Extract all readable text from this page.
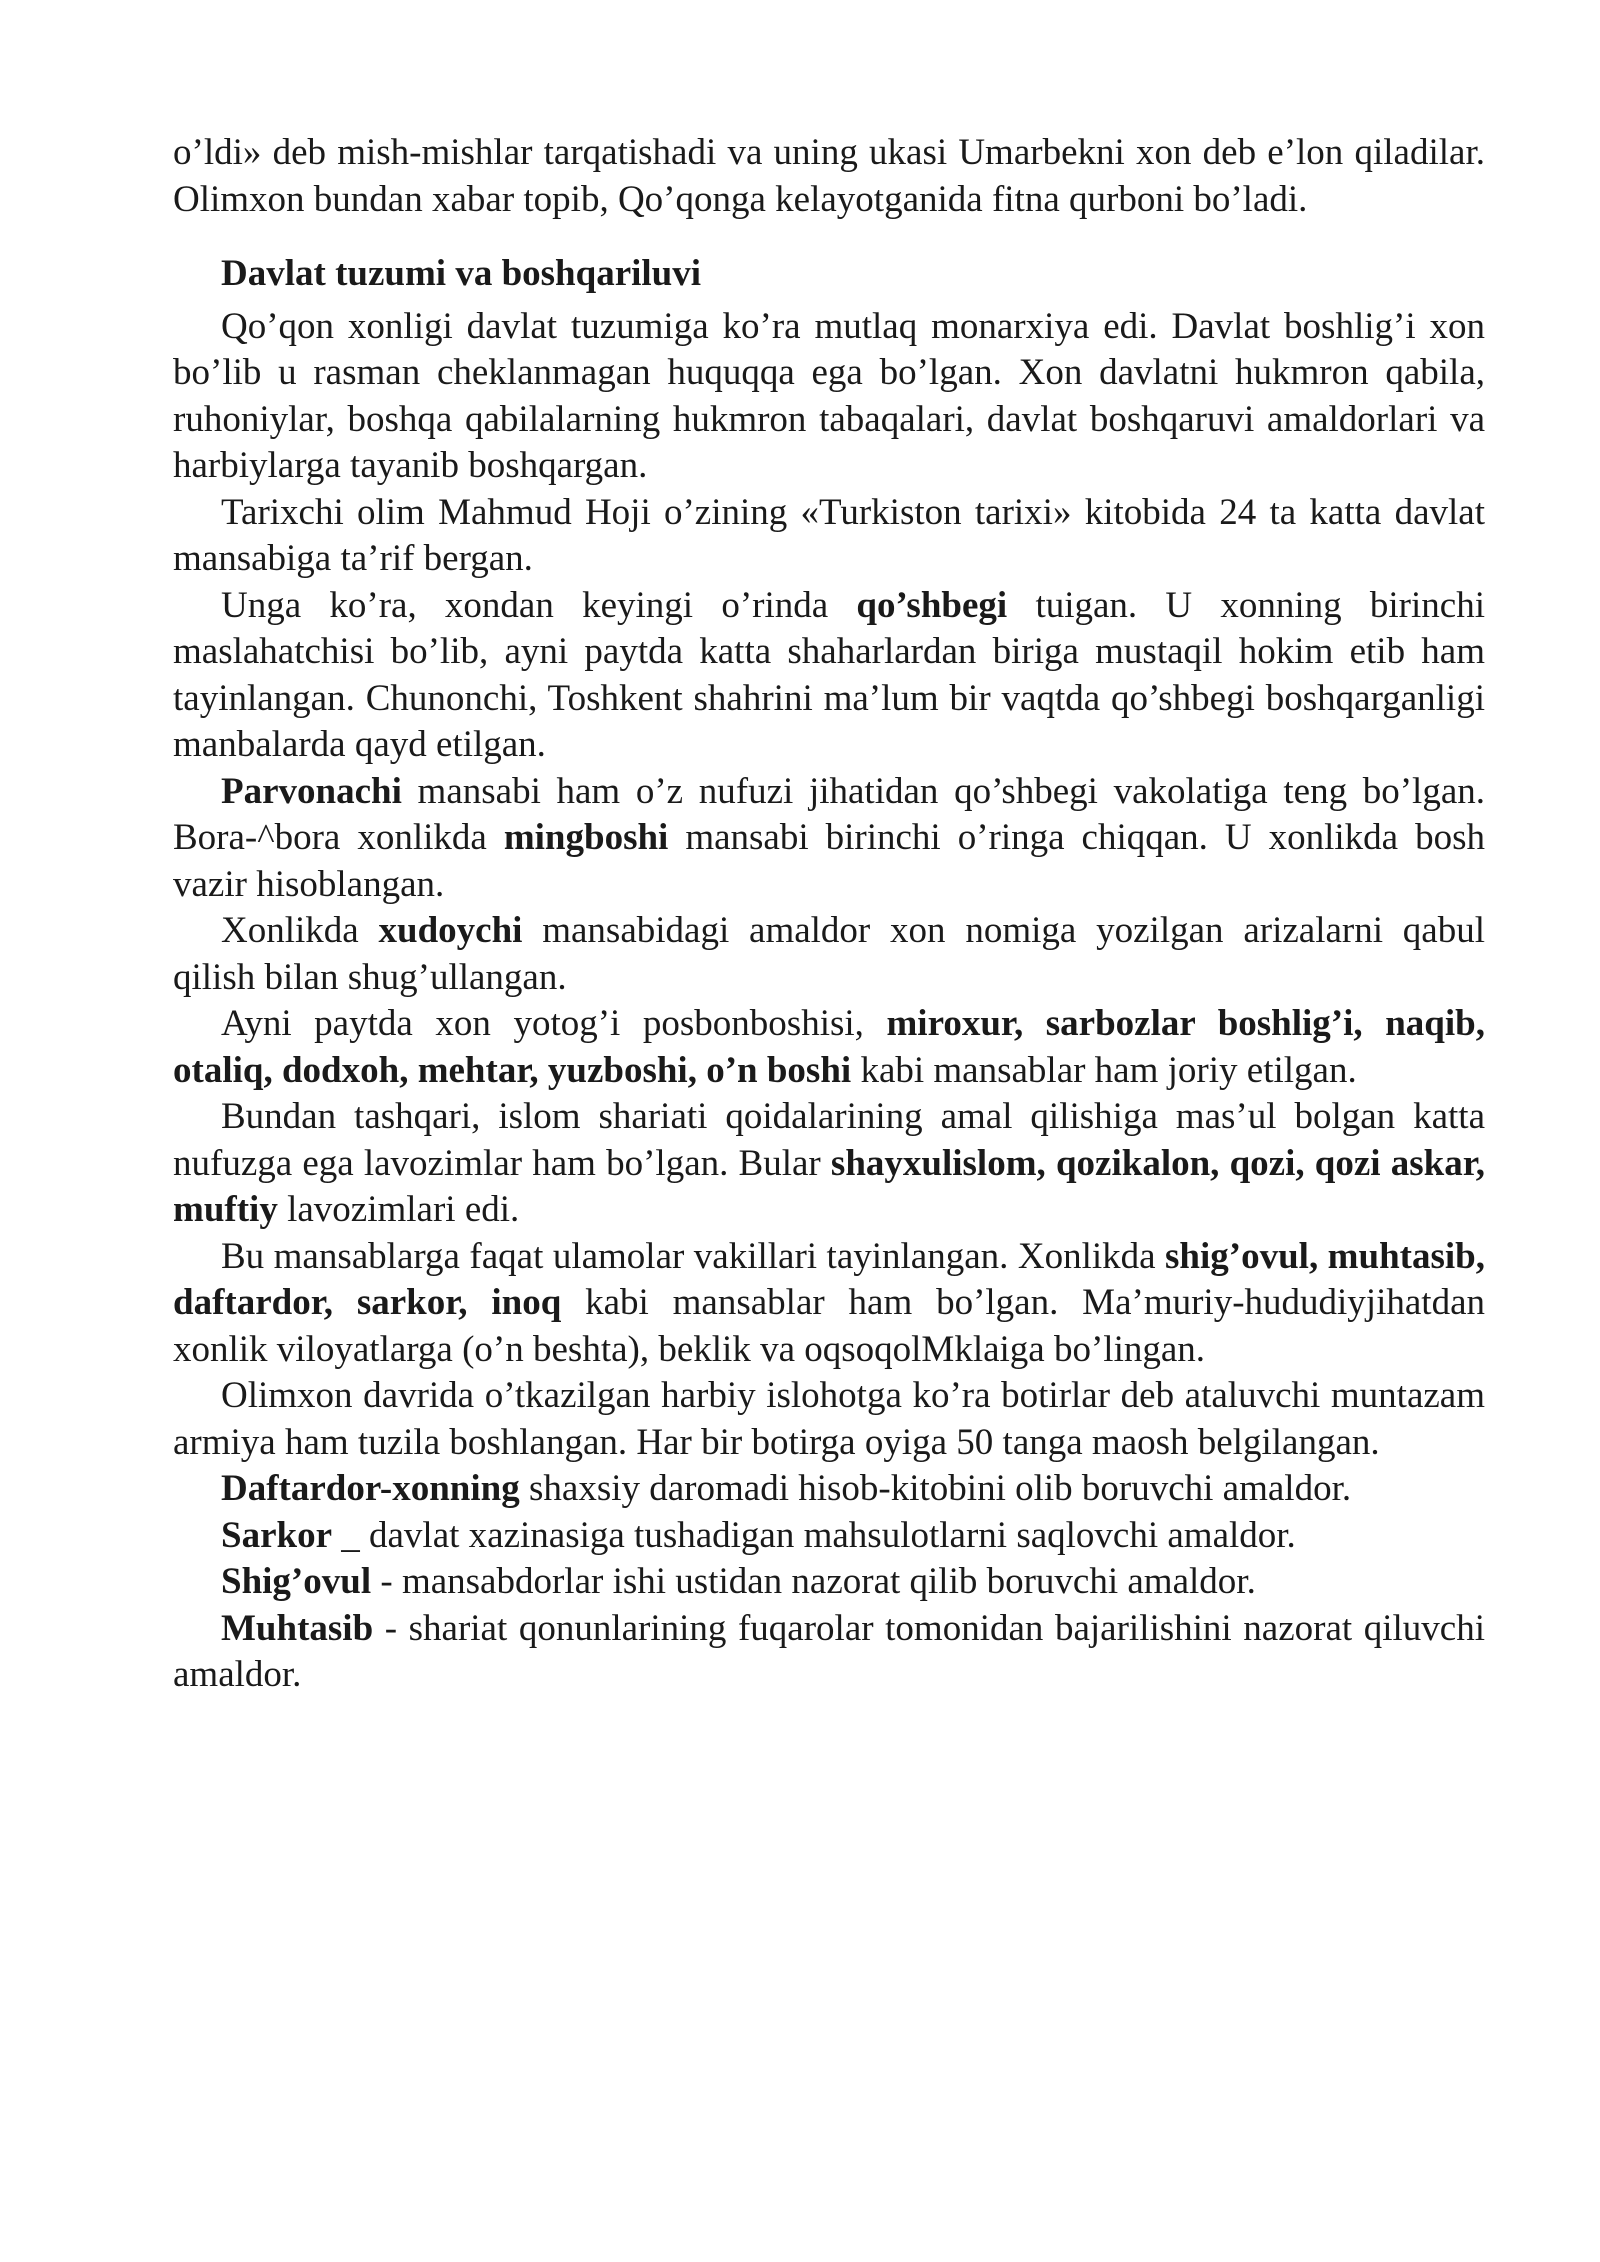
o’ldi» deb mish-mishlar tarqatishadi va uning ukasi Umarbekni xon deb e’lon qiladilar. Olimxon bundan xabar topib, Qo’qonga kelayotganida fitna qurboni bo’ladi.

Davlat tuzumi va boshqariluvi

Qo’qon xonligi davlat tuzumiga ko’ra mutlaq monarxiya edi. Davlat boshlig’i xon bo’lib u rasman cheklanmagan huquqqa ega bo’lgan. Xon davlatni hukmron qabila, ruhoniylar, boshqa qabilalarning hukmron tabaqalari, davlat boshqaruvi amaldorlari va harbiylarga tayanib boshqargan.

Tarixchi olim Mahmud Hoji o’zining «Turkiston tarixi» kitobida 24 ta katta davlat mansabiga ta’rif bergan.

Unga ko’ra, xondan keyingi o’rinda qo’shbegi tuigan. U xonning birinchi maslahatchisi bo’lib, ayni paytda katta shaharlardan biriga mustaqil hokim etib ham tayinlangan. Chunonchi, Toshkent shahrini ma’lum bir vaqtda qo’shbegi boshqarganligi manbalarda qayd etilgan.

Parvonachi mansabi ham o’z nufuzi jihatidan qo’shbegi vakolatiga teng bo’lgan. Bora-^bora xonlikda mingboshi mansabi birinchi o’ringa chiqqan. U xonlikda bosh vazir hisoblangan.

Xonlikda xudoychi mansabidagi amaldor xon nomiga yozilgan arizalarni qabul qilish bilan shug’ullangan.

Ayni paytda xon yotog’i posbonboshisi, miroxur, sarbozlar boshlig’i, naqib, otaliq, dodxoh, mehtar, yuzboshi, o’n boshi kabi mansablar ham joriy etilgan.

Bundan tashqari, islom shariati qoidalarining amal qilishiga mas’ul bolgan katta nufuzga ega lavozimlar ham bo’lgan. Bular shayxulislom, qozikalon, qozi, qozi askar, muftiy lavozimlari edi.

Bu mansablarga faqat ulamolar vakillari tayinlangan. Xonlikda shig’ovul, muhtasib, daftardor, sarkor, inoq kabi mansablar ham bo’lgan. Ma’muriy-hududiyjihatdan xonlik viloyatlarga (o’n beshta), beklik va oqsoqolMklaiga bo’lingan.

Olimxon davrida o’tkazilgan harbiy islohotga ko’ra botirlar deb ataluvchi muntazam armiya ham tuzila boshlangan. Har bir botirga oyiga 50 tanga maosh belgilangan.

Daftardor-xonning shaxsiy daromadi hisob-kitobini olib boruvchi amaldor.

Sarkor _ davlat xazinasiga tushadigan mahsulotlarni saqlovchi amaldor.

Shig’ovul - mansabdorlar ishi ustidan nazorat qilib boruvchi amaldor.

Muhtasib - shariat qonunlarining fuqarolar tomonidan bajarilishini nazorat qiluvchi amaldor.
